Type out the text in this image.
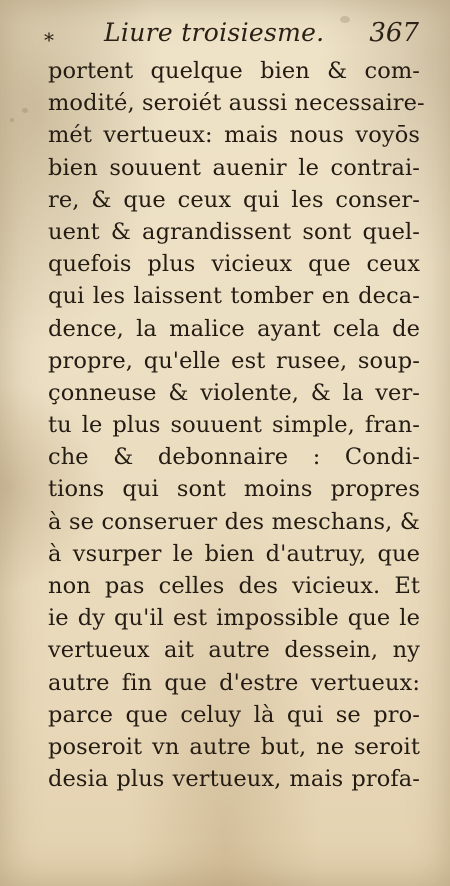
⁎ Liure troisiesme. 367
portent quelque bien & com-
modité, seroiét aussi necessaire-
mét vertueux: mais nous voyōs
bien souuent auenir le contrai-
re, & que ceux qui les conser-
uent & agrandissent sont quel-
quefois plus vicieux que ceux
qui les laissent tomber en deca-
dence, la malice ayant cela de
propre, qu'elle est rusee, soup-
çonneuse & violente, & la ver-
tu le plus souuent simple, fran-
che & debonnaire : Condi-
tions qui sont moins propres
à se conseruer des meschans, &
à vsurper le bien d'autruy, que
non pas celles des vicieux. Et
ie dy qu'il est impossible que le
vertueux ait autre dessein, ny
autre fin que d'estre vertueux:
parce que celuy là qui se pro-
poseroit vn autre but, ne seroit
desia plus vertueux, mais profa-
